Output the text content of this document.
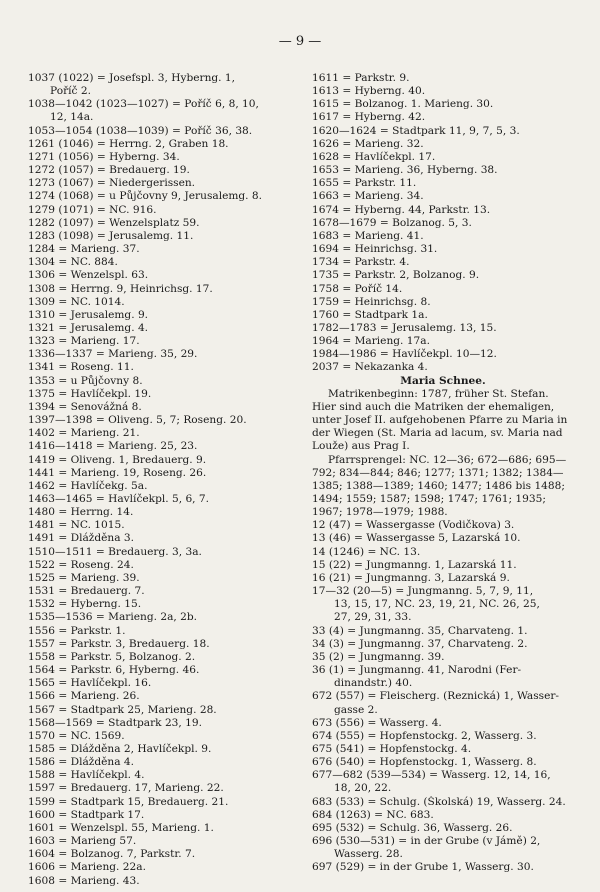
— 9 —
1037 (1022) = Josefspl. 3, Hyberng. 1,
Poříč 2.
1038—1042 (1023—1027) = Poříč 6, 8, 10,
12, 14a.
1053—1054 (1038—1039) = Poříč 36, 38.
1261 (1046) = Herrng. 2, Graben 18.
1271 (1056) = Hyberng. 34.
1272 (1057) = Bredauerg. 19.
1273 (1067) = Niedergerissen.
1274 (1068) = u Půjčovny 9, Jerusalemg. 8.
1279 (1071) = NC. 916.
1282 (1097) = Wenzelsplatz 59.
1283 (1098) = Jerusalemg. 11.
1284 = Marieng. 37.
1304 = NC. 884.
1306 = Wenzelspl. 63.
1308 = Herrng. 9, Heinrichsg. 17.
1309 = NC. 1014.
1310 = Jerusalemg. 9.
1321 = Jerusalemg. 4.
1323 = Marieng. 17.
1336—1337 = Marieng. 35, 29.
1341 = Roseng. 11.
1353 = u Půjčovny 8.
1375 = Havlíčekpl. 19.
1394 = Senovážná 8.
1397—1398 = Oliveng. 5, 7; Roseng. 20.
1402 = Marieng. 21.
1416—1418 = Marieng. 25, 23.
1419 = Oliveng. 1, Bredauerg. 9.
1441 = Marieng. 19, Roseng. 26.
1462 = Havlíčekg. 5a.
1463—1465 = Havlíčekpl. 5, 6, 7.
1480 = Herrng. 14.
1481 = NC. 1015.
1491 = Dlážděna 3.
1510—1511 = Bredauerg. 3, 3a.
1522 = Roseng. 24.
1525 = Marieng. 39.
1531 = Bredauerg. 7.
1532 = Hyberng. 15.
1535—1536 = Marieng. 2a, 2b.
1556 = Parkstr. 1.
1557 = Parkstr. 3, Bredauerg. 18.
1558 = Parkstr. 5, Bolzanog. 2.
1564 = Parkstr. 6, Hyberng. 46.
1565 = Havlíčekpl. 16.
1566 = Marieng. 26.
1567 = Stadtpark 25, Marieng. 28.
1568—1569 = Stadtpark 23, 19.
1570 = NC. 1569.
1585 = Dlážděna 2, Havlíčekpl. 9.
1586 = Dlážděna 4.
1588 = Havlíčekpl. 4.
1597 = Bredauerg. 17, Marieng. 22.
1599 = Stadtpark 15, Bredauerg. 21.
1600 = Stadtpark 17.
1601 = Wenzelspl. 55, Marieng. 1.
1603 = Marieng 57.
1604 = Bolzanog. 7, Parkstr. 7.
1606 = Marieng. 22a.
1608 = Marieng. 43.
1611 = Parkstr. 9.
1613 = Hyberng. 40.
1615 = Bolzanog. 1. Marieng. 30.
1617 = Hyberng. 42.
1620—1624 = Stadtpark 11, 9, 7, 5, 3.
1626 = Marieng. 32.
1628 = Havlíčekpl. 17.
1653 = Marieng. 36, Hyberng. 38.
1655 = Parkstr. 11.
1663 = Marieng. 34.
1674 = Hyberng. 44, Parkstr. 13.
1678—1679 = Bolzanog. 5, 3.
1683 = Marieng. 41.
1694 = Heinrichsg. 31.
1734 = Parkstr. 4.
1735 = Parkstr. 2, Bolzanog. 9.
1758 = Poříč 14.
1759 = Heinrichsg. 8.
1760 = Stadtpark 1a.
1782—1783 = Jerusalemg. 13, 15.
1964 = Marieng. 17a.
1984—1986 = Havlíčekpl. 10—12.
2037 = Nekazanka 4.
Maria Schnee.
Matrikenbeginn: 1787, früher St. Stefan. Hier sind auch die Matriken der ehemaligen, unter Josef II. aufgehobenen Pfarre zu Maria in der Wiegen (St. Maria ad lacum, sv. Maria nad Louže) aus Prag I.
Pfarrsprengel: NC. 12—36; 672—686; 695—792; 834—844; 846; 1277; 1371; 1382; 1384—1385; 1388—1389; 1460; 1477; 1486 bis 1488; 1494; 1559; 1587; 1598; 1747; 1761; 1935; 1967; 1978—1979; 1988.
12 (47) = Wassergasse (Vodičkova) 3.
13 (46) = Wassergasse 5, Lazarská 10.
14 (1246) = NC. 13.
15 (22) = Jungmanng. 1, Lazarská 11.
16 (21) = Jungmanng. 3, Lazarská 9.
17—32 (20—5) = Jungmanng. 5, 7, 9, 11,
13, 15, 17, NC. 23, 19, 21, NC. 26, 25,
27, 29, 31, 33.
33 (4) = Jungmanng. 35, Charvateng. 1.
34 (3) = Jungmanng. 37, Charvateng. 2.
35 (2) = Jungmanng. 39.
36 (1) = Jungmanng. 41, Narodni (Fer-
dinandstr.) 40.
672 (557) = Fleischerg. (Reznická) 1, Wasser-
gasse 2.
673 (556) = Wasserg. 4.
674 (555) = Hopfenstockg. 2, Wasserg. 3.
675 (541) = Hopfenstockg. 4.
676 (540) = Hopfenstockg. 1, Wasserg. 8.
677—682 (539—534) = Wasserg. 12, 14, 16,
18, 20, 22.
683 (533) = Schulg. (Školská) 19, Wasserg. 24.
684 (1263) = NC. 683.
695 (532) = Schulg. 36, Wasserg. 26.
696 (530—531) = in der Grube (v Jámě) 2,
Wasserg. 28.
697 (529) = in der Grube 1, Wasserg. 30.
